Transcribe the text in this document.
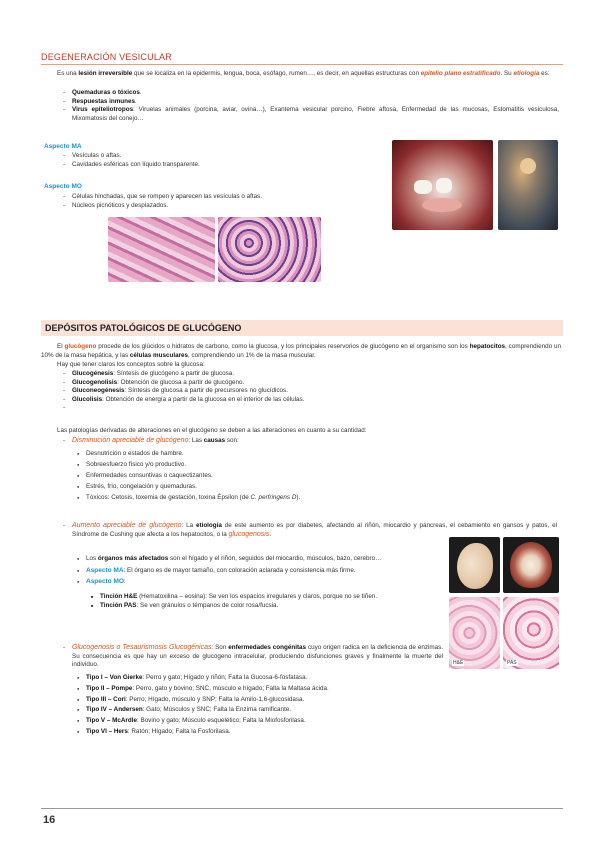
DEGENERACIÓN VESICULAR
Es una lesión irreversible que se localiza en la epidermis, lengua, boca, esófago, rumen…, es decir, en aquellas estructuras con epitelio plano estratificado. Su etiología es:
- Quemaduras o tóxicos.
- Respuestas inmunes.
- Virus epiteliotropos: Viruelas animales (porcina, aviar, ovina…), Exantema vesicular porcino, Fiebre aftosa, Enfermedad de las mucosas, Estomatitis vesiculosa, Mixomatosis del conejo…
Aspecto MA
- Vesículas o aftas.
- Cavidades esféricas con líquido transparente.
Aspecto MO
- Células hinchadas, que se rompen y aparecen las vesículas o aftas.
- Núcleos picnóticos y desplazados.
DEPÓSITOS PATOLÓGICOS DE GLUCÓGENO
El glucógeno procede de los glúcidos o hidratos de carbono, como la glucosa, y los principales reservorios de glucógeno en el organismo son los hepatocitos, comprendiendo un 10% de la masa hepática, y las células musculares, comprendiendo un 1% de la masa muscular.
Hay que tener claros los conceptos sobre la glucosa:
- Glucogénesis: Síntesis de glucógeno a partir de glucosa.
- Glucogenolisis: Obtención de glucosa a partir de glucógeno.
- Gluconeogénesis: Síntesis de glucosa a partir de precursores no glucídicos.
- Glucolisis: Obtención de energía a partir de la glucosa en el interior de las células.
-
Las patologías derivadas de alteraciones en el glucógeno se deben a las alteraciones en cuanto a su cantidad:
- Disminución apreciable de glucógeno: Las causas son:
● Desnutrición o estados de hambre.
● Sobreesfuerzo físico y/o productivo.
● Enfermedades consuntivas o caquectizantes.
● Estrés, frío, congelación y quemaduras.
● Tóxicos: Cetosis, toxemia de gestación, toxina Épsilon (de C. perfringens D).
- Aumento apreciable de glucógeno: La etiología de este aumento es por diabetes, afectando al riñón, miocardio y páncreas, el cebamiento en gansos y patos, el Síndrome de Cushing que afecta a los hepatocitos, o la glucogenosis.
● Los órganos más afectados son el hígado y el riñón, seguidos del miocardio, músculos, bazo, cerebro…
● Aspecto MA: El órgano es de mayor tamaño, con coloración aclarada y consistencia más firme.
● Aspecto MO:
■ Tinción H&E (Hematoxilina – eosina): Se ven los espacios irregulares y claros, porque no se tiñen.
■ Tinción PAS: Se ven gránulos o témpanos de color rosa/fucsia.
H&E	PAS
- Glucogenosis o Tesaurismosis Glucogénicas: Son enfermedades congénitas cuyo origen radica en la deficiencia de enzimas. Su consecuencia es que hay un exceso de glucógeno intracelular, produciendo disfunciones graves y finalmente la muerte del individuo.
● Tipo I – Von Gierke: Perro y gato; Hígado y riñón; Falta la Gucosa-6-fosfatasa.
● Tipo II – Pompe: Perro, gato y bovino; SNC, músculo e hígado; Falta la Maltasa ácida.
● Tipo III – Cori: Perro; Hígado, músculo y SNP; Falta la Amilo-1,6-glucosidasa.
● Tipo IV – Andersen: Gato; Músculos y SNC; Falta la Enzima ramificante.
● Tipo V – McArdle: Bovino y gato; Músculo esquelético; Falta la Miofosforilasa.
● Tipo VI – Hers: Ratón; Hígado; Falta la Fosforilasa.
16
